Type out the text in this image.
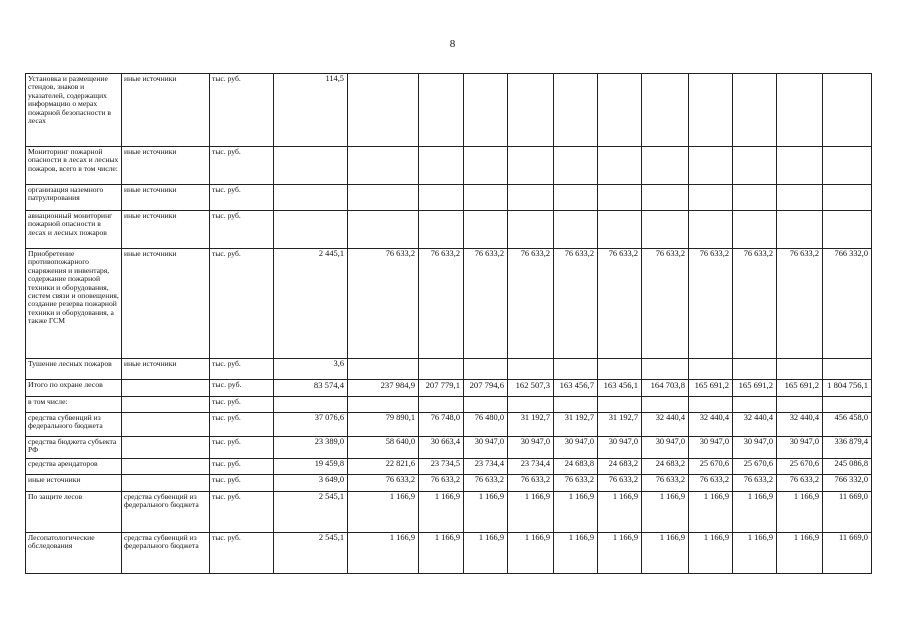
8
Установка и размещение стендов, знаков и указателей, содержащих информацию о мерах пожарной безопасности в лесах	иные источники	тыс. руб.	114,5											
Мониторинг пожарной опасности в лесах и лесных пожаров, всего в том числе:	иные источники	тыс. руб.												
организация наземного патрулирования	иные источники	тыс. руб.												
авиационный мониторинг пожарной опасности в лесах и лесных пожаров	иные источники	тыс. руб.												
Приобретение противопожарного снаряжения и инвентаря, содержание пожарной техники и оборудования, систем связи и оповещения, создание резерва пожарной техники и оборудования, а также ГСМ	иные источники	тыс. руб.	2 445,1	76 633,2	76 633,2	76 633,2	76 633,2	76 633,2	76 633,2	76 633,2	76 633,2	76 633,2	76 633,2	766 332,0
Тушение лесных пожаров	иные источники	тыс. руб.	3,6											
Итого по охране лесов		тыс. руб.	83 574,4	237 984,9	207 779,1	207 794,6	162 507,3	163 456,7	163 456,1	164 703,8	165 691,2	165 691,2	165 691,2	1 804 756,1
в том числе:		тыс. руб.												
средства субвенций из федерального бюджета		тыс. руб.	37 076,6	79 890,1	76 748,0	76 480,0	31 192,7	31 192,7	31 192,7	32 440,4	32 440,4	32 440,4	32 440,4	456 458,0
средства бюджета субъекта РФ		тыс. руб.	23 389,0	58 640,0	30 663,4	30 947,0	30 947,0	30 947,0	30 947,0	30 947,0	30 947,0	30 947,0	30 947,0	336 879,4
средства арендаторов		тыс. руб.	19 459,8	22 821,6	23 734,5	23 734,4	23 734,4	24 683,8	24 683,2	24 683,2	25 670,6	25 670,6	25 670,6	245 086,8
иные источники		тыс. руб.	3 649,0	76 633,2	76 633,2	76 633,2	76 633,2	76 633,2	76 633,2	76 633,2	76 633,2	76 633,2	76 633,2	766 332,0
По защите лесов	средства субвенций из федерального бюджета	тыс. руб.	2 545,1	1 166,9	1 166,9	1 166,9	1 166,9	1 166,9	1 166,9	1 166,9	1 166,9	1 166,9	1 166,9	11 669,0
Лесопатологические обследования	средства субвенций из федерального бюджета	тыс. руб.	2 545,1	1 166,9	1 166,9	1 166,9	1 166,9	1 166,9	1 166,9	1 166,9	1 166,9	1 166,9	1 166,9	11 669,0
